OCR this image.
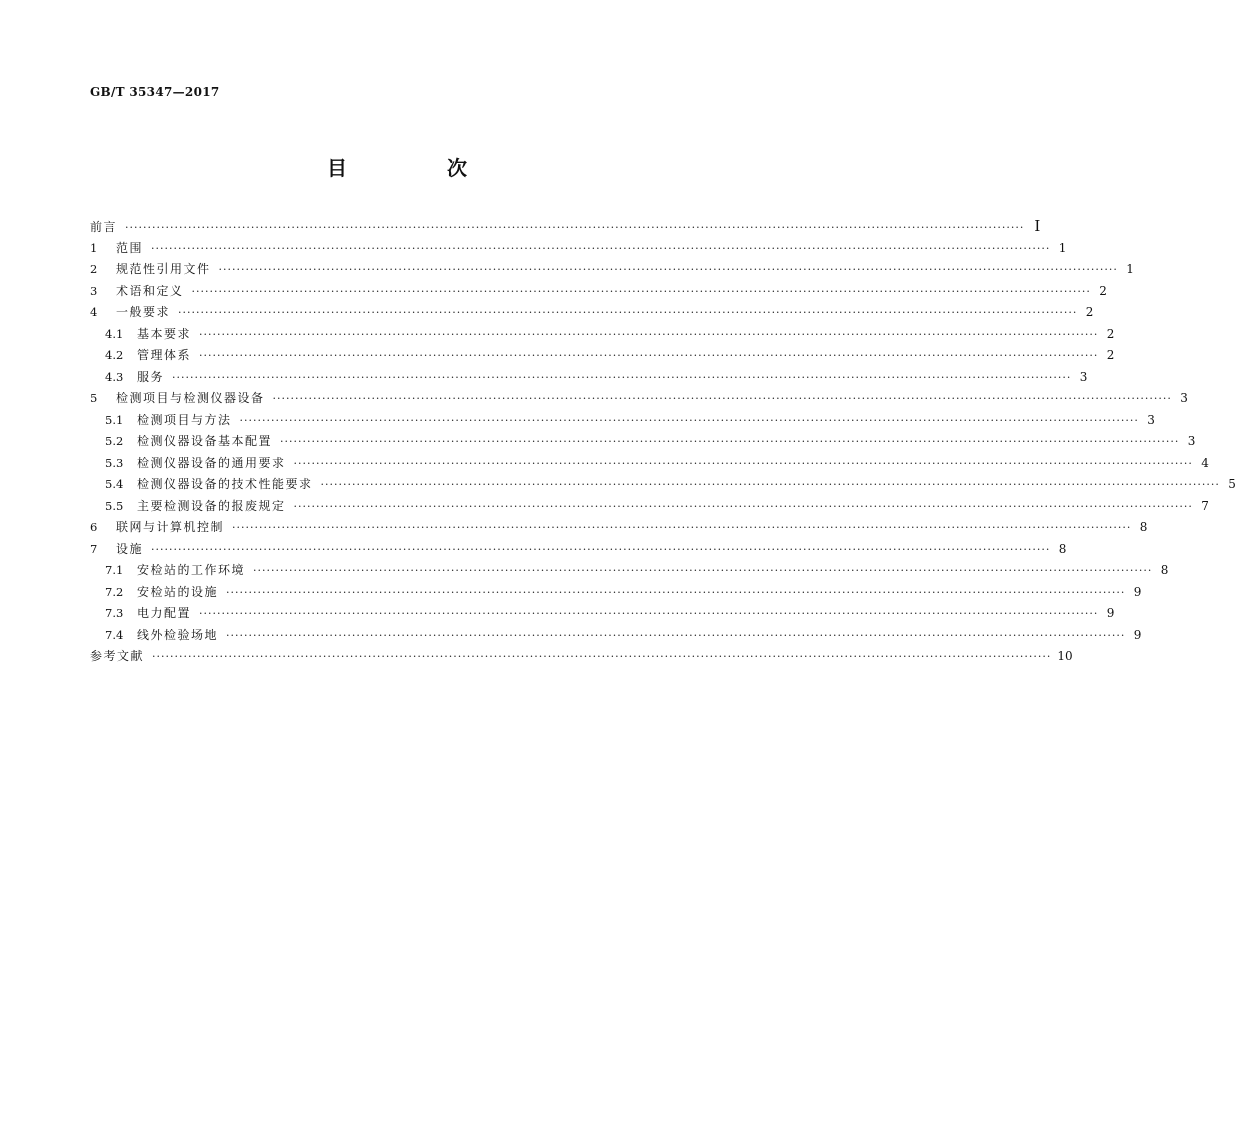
GB/T 35347—2017
目　次
前言 ········································································································································································································ I
1	范围 ········································································································································································································ 1
2	规范性引用文件 ········································································································································································································ 1
3	术语和定义 ········································································································································································································ 2
4	一般要求 ········································································································································································································ 2
4.1	基本要求 ········································································································································································································ 2
4.2	管理体系 ········································································································································································································ 2
4.3	服务 ········································································································································································································ 3
5	检测项目与检测仪器设备 ········································································································································································································ 3
5.1	检测项目与方法 ········································································································································································································ 3
5.2	检测仪器设备基本配置 ········································································································································································································ 3
5.3	检测仪器设备的通用要求 ········································································································································································································ 4
5.4	检测仪器设备的技术性能要求 ········································································································································································································ 5
5.5	主要检测设备的报废规定 ········································································································································································································ 7
6	联网与计算机控制 ········································································································································································································ 8
7	设施 ········································································································································································································ 8
7.1	安检站的工作环境 ········································································································································································································ 8
7.2	安检站的设施 ········································································································································································································ 9
7.3	电力配置 ········································································································································································································ 9
7.4	线外检验场地 ········································································································································································································ 9
参考文献 ········································································································································································································ 10
